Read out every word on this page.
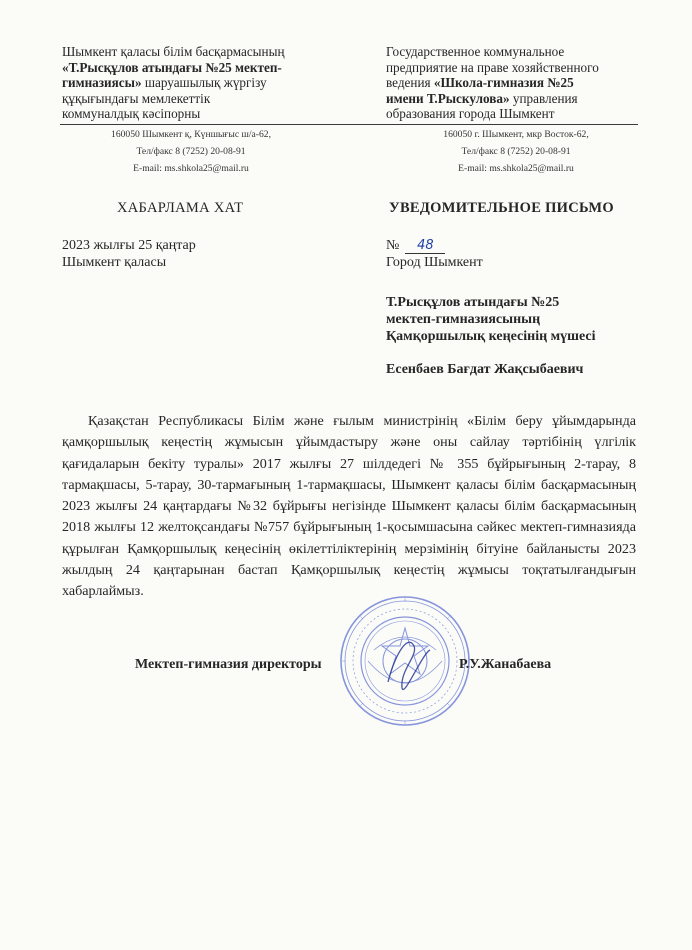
Шымкент қаласы білім басқармасының
«Т.Рысқұлов атындағы №25 мектеп-
гимназиясы» шаруашылық жүргізу
құқығындағы мемлекеттік
коммуналдық кәсіпорны
Государственное коммунальное
предприятие на праве хозяйственного
ведения «Школа-гимназия №25
имени Т.Рыскулова» управления
образования города Шымкент
160050 Шымкент қ, Күншығыс ш/а-62,
Тел/факс 8 (7252) 20-08-91
E-mail: ms.shkola25@mail.ru
160050 г. Шымкент, мкр Восток-62,
Тел/факс 8 (7252) 20-08-91
E-mail: ms.shkola25@mail.ru
ХАБАРЛАМА ХАТ	УВЕДОМИТЕЛЬНОЕ ПИСЬМО
2023 жылғы 25 қаңтар
Шымкент қаласы
№ 48
Город Шымкент
Т.Рысқұлов атындағы №25
мектеп-гимназиясының
Қамқоршылық кеңесінің мүшесі
Есенбаев Бағдат Жақсыбаевич
Қазақстан Республикасы Білім және ғылым министрінің «Білім беру ұйымдарында қамқоршылық кеңестің жұмысын ұйымдастыру және оны сайлау тәртібінің үлгілік қағидаларын бекіту туралы» 2017 жылғы 27 шілдедегі № 355 бұйрығының 2-тарау, 8 тармақшасы, 5-тарау, 30-тармағының 1-тармақшасы, Шымкент қаласы білім басқармасының 2023 жылғы 24 қаңтардағы №32 бұйрығы негізінде Шымкент қаласы білім басқармасының 2018 жылғы 12 желтоқсандағы №757 бұйрығының 1-қосымшасына сәйкес мектеп-гимназияда құрылған Қамқоршылық кеңесінің өкілеттіліктерінің мерзімінің бітуіне байланысты 2023 жылдың 24 қаңтарынан бастап Қамқоршылық кеңестің жұмысы тоқтатылғандығын хабарлаймыз.
Мектеп-гимназия директоры	Р.У.Жанабаева
